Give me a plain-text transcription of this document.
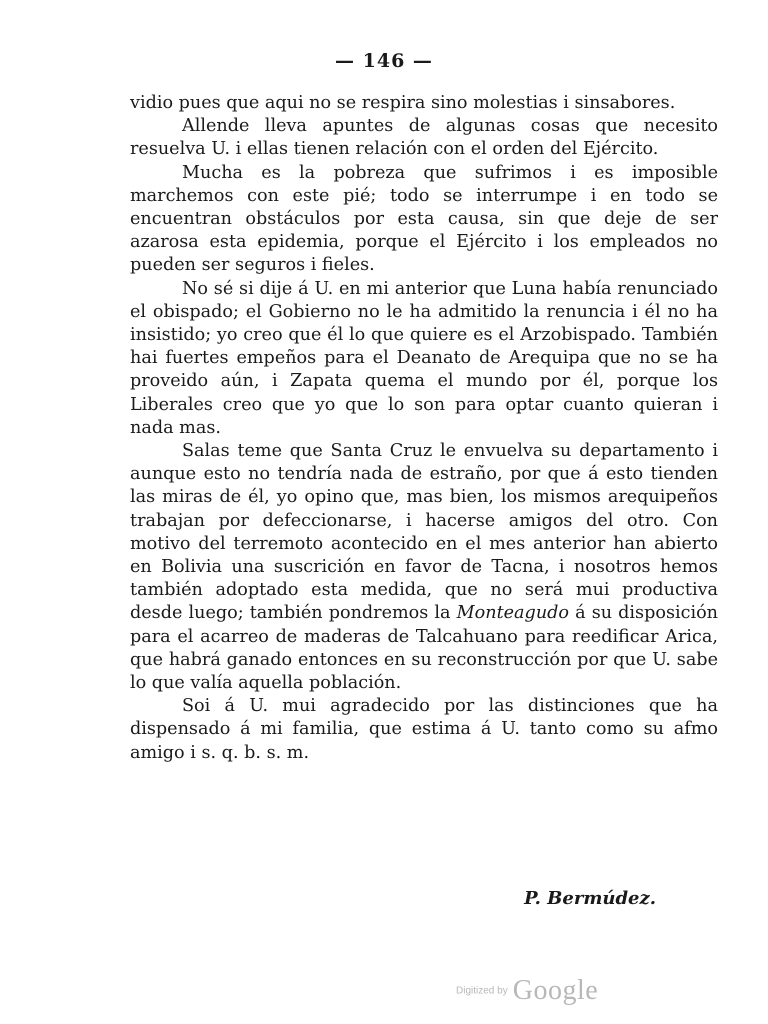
— 146 —

vidio pues que aqui no se respira sino molestias i sinsabores.

Allende lleva apuntes de algunas cosas que necesito resuelva U. i ellas tienen relación con el orden del Ejército.

Mucha es la pobreza que sufrimos i es imposible marchemos con este pié; todo se interrumpe i en todo se encuentran obstáculos por esta causa, sin que deje de ser azarosa esta epidemia, porque el Ejército i los empleados no pueden ser seguros i fieles.

No sé si dije á U. en mi anterior que Luna había renunciado el obispado; el Gobierno no le ha admitido la renuncia i él no ha insistido; yo creo que él lo que quiere es el Arzobispado. También hai fuertes empeños para el Deanato de Arequipa que no se ha proveido aún, i Zapata quema el mundo por él, porque los Liberales creo que yo que lo son para optar cuanto quieran i nada mas.

Salas teme que Santa Cruz le envuelva su departamento i aunque esto no tendría nada de estraño, por que á esto tienden las miras de él, yo opino que, mas bien, los mismos arequipeños trabajan por defeccionarse, i hacerse amigos del otro. Con motivo del terremoto acontecido en el mes anterior han abierto en Bolivia una suscrición en favor de Tacna, i nosotros hemos también adoptado esta medida, que no será mui productiva desde luego; también pondremos la Monteagudo á su disposición para el acarreo de maderas de Talcahuano para reedificar Arica, que habrá ganado entonces en su reconstrucción por que U. sabe lo que valía aquella población.

Soi á U. mui agradecido por las distinciones que ha dispensado á mi familia, que estima á U. tanto como su afmo amigo i s. q. b. s. m.

P. Bermúdez.
Digitized by Google
